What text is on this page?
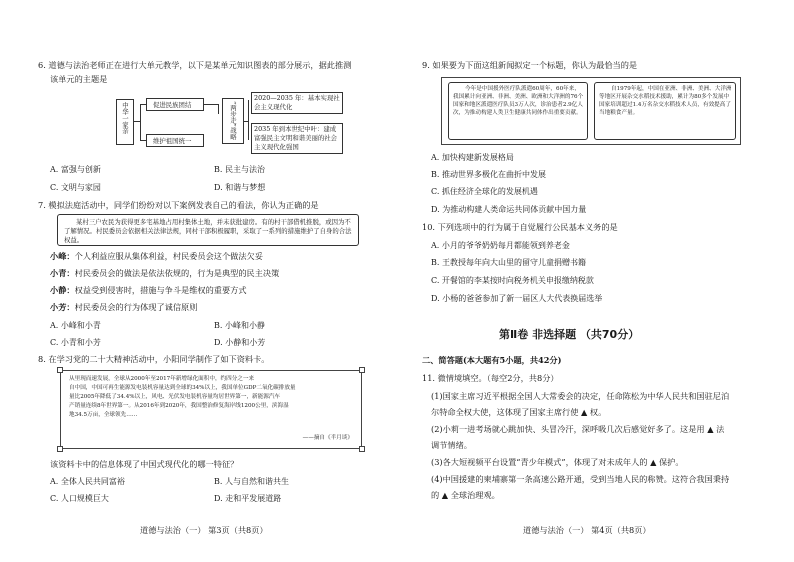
6. 道德与法治老师正在进行大单元教学，以下是某单元知识图表的部分展示，据此推测
该单元的主题是
中华一家亲	促进民族团结
维护祖国统一
“两步走”战略
2020—2035 年：基本实现社会主义现代化
2035 年到本世纪中叶：建成富强民主文明和谐美丽的社会主义现代化强国
A. 富强与创新	B. 民主与法治
C. 文明与家园	D. 和谐与梦想
7. 模拟法庭活动中，同学们纷纷对以下案例发表自己的看法，你认为正确的是
某村三户农民为获得更多宅基地占用村集体土地，并未获批建房。有的村干部借机推脱，或因为不了解情况。村民委员会依据相关法律法规，同村干部积极履职，采取了一系列的措施维护了自身的合法权益。
小峰：个人利益应服从集体利益，村民委员会这个做法欠妥
小青：村民委员会的做法是依法依规的，行为是典型的民主决策
小静：权益受到侵害时，措施与争斗是维权的重要方式
小芳：村民委员会的行为体现了诚信原则
A. 小峰和小青	B. 小峰和小静
C. 小青和小芳	D. 小静和小芳
8. 在学习党的二十大精神活动中，小阳同学制作了如下资料卡。
从里现而速发展，全球从2000年至2017年新增绿化面积中，约四分之一来
自中国，中国可再生能源发电装机容量达到全球的34%以上，我国单位GDP二氧化碳排放量
量比2005年降低了34.4%以上，风电、光伏发电装机容量均居世界第一，新能源汽车
产销量连续8年世界第一。从2016年到2020年，我国整治修复海岸线1200公里，滨海湿
地34.5万亩，全球领先……
——摘自《半月谈》
该资料卡中的信息体现了中国式现代化的哪一特征？
A. 全体人民共同富裕	B. 人与自然和谐共生
C. 人口规模巨大	D. 走和平发展道路
道德与法治（一） 第3页（共8页）
9. 如果要为下面这组新闻拟定一个标题，你认为最恰当的是
今年是中国援外医疗队派遣60周年，60年来，我国累计向亚洲、非洲、美洲、欧洲和大洋洲的76个国家和地区派遣医疗队员3万人次，诊治患者2.9亿人次，为推动构建人类卫生健康共同体作出重要贡献。
自1979年起，中国在亚洲、非洲、美洲、大洋洲等地区开展杂交水稻技术援助，累计为80多个发展中国家培训超过1.4万名杂交水稻技术人员，有效提高了当地粮食产量。
A. 加快构建新发展格局
B. 推动世界多极化在曲折中发展
C. 抓住经济全球化的发展机遇
D. 为推动构建人类命运共同体贡献中国力量
10. 下列选项中的行为属于自觉履行公民基本义务的是
A. 小月的爷爷奶奶每月都能领到养老金
B. 王教授每年向大山里的留守儿童捐赠书籍
C. 开餐馆的李某按时向税务机关申报缴纳税款
D. 小杨的爸爸参加了新一届区人大代表换届选举
第Ⅱ卷 非选择题 （共70分）
二、简答题(本大题有5小题，共42分)
11. 微情境填空。（每空2分，共8分）
(1)国家主席习近平根据全国人大常委会的决定，任命陈松为中华人民共和国驻尼泊
尔特命全权大使，这体现了国家主席行使 ▲ 权。
(2)小莉一进考场就心跳加快、头冒冷汗，深呼吸几次后感觉好多了。这是用 ▲ 法
调节情绪。
(3)各大短视频平台设置“青少年模式”，体现了对未成年人的 ▲ 保护。
(4)中国援建的柬埔寨第一条高速公路开通，受到当地人民的称赞。这符合我国秉持
的 ▲ 全球治理观。
道德与法治（一） 第4页（共8页）
